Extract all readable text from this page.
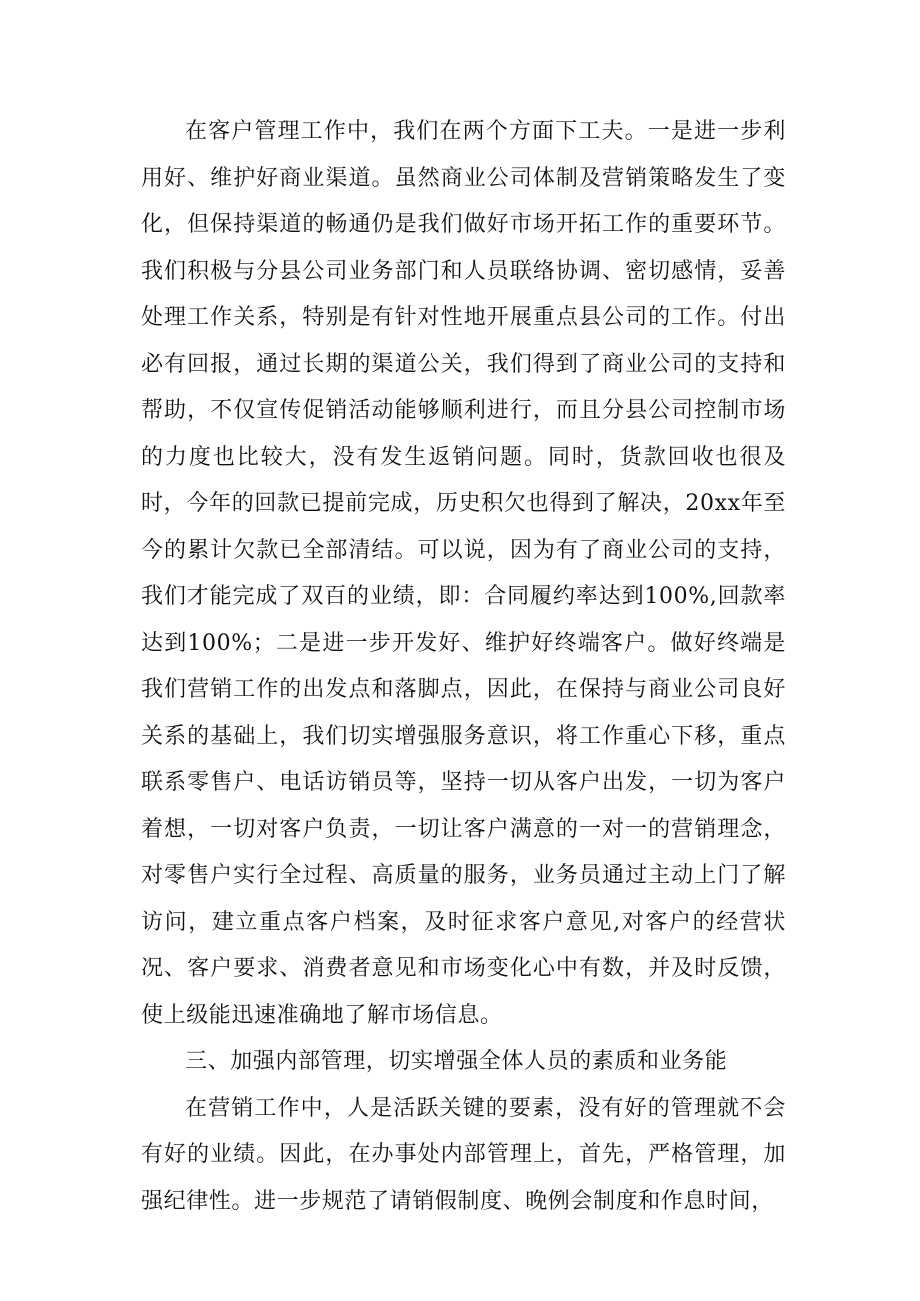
在客户管理工作中，我们在两个方面下工夫。一是进一步利用好、维护好商业渠道。虽然商业公司体制及营销策略发生了变化，但保持渠道的畅通仍是我们做好市场开拓工作的重要环节。我们积极与分县公司业务部门和人员联络协调、密切感情，妥善处理工作关系，特别是有针对性地开展重点县公司的工作。付出必有回报，通过长期的渠道公关，我们得到了商业公司的支持和帮助，不仅宣传促销活动能够顺利进行，而且分县公司控制市场的力度也比较大，没有发生返销问题。同时，货款回收也很及时，今年的回款已提前完成，历史积欠也得到了解决，20xx年至今的累计欠款已全部清结。可以说，因为有了商业公司的支持，我们才能完成了双百的业绩，即：合同履约率达到100%,回款率达到100%；二是进一步开发好、维护好终端客户。做好终端是我们营销工作的出发点和落脚点，因此，在保持与商业公司良好关系的基础上，我们切实增强服务意识，将工作重心下移，重点联系零售户、电话访销员等，坚持一切从客户出发，一切为客户着想，一切对客户负责，一切让客户满意的一对一的营销理念，对零售户实行全过程、高质量的服务，业务员通过主动上门了解访问，建立重点客户档案，及时征求客户意见,对客户的经营状况、客户要求、消费者意见和市场变化心中有数，并及时反馈，使上级能迅速准确地了解市场信息。

三、加强内部管理，切实增强全体人员的素质和业务能

在营销工作中，人是活跃关键的要素，没有好的管理就不会有好的业绩。因此，在办事处内部管理上，首先，严格管理，加强纪律性。进一步规范了请销假制度、晚例会制度和作息时间，
